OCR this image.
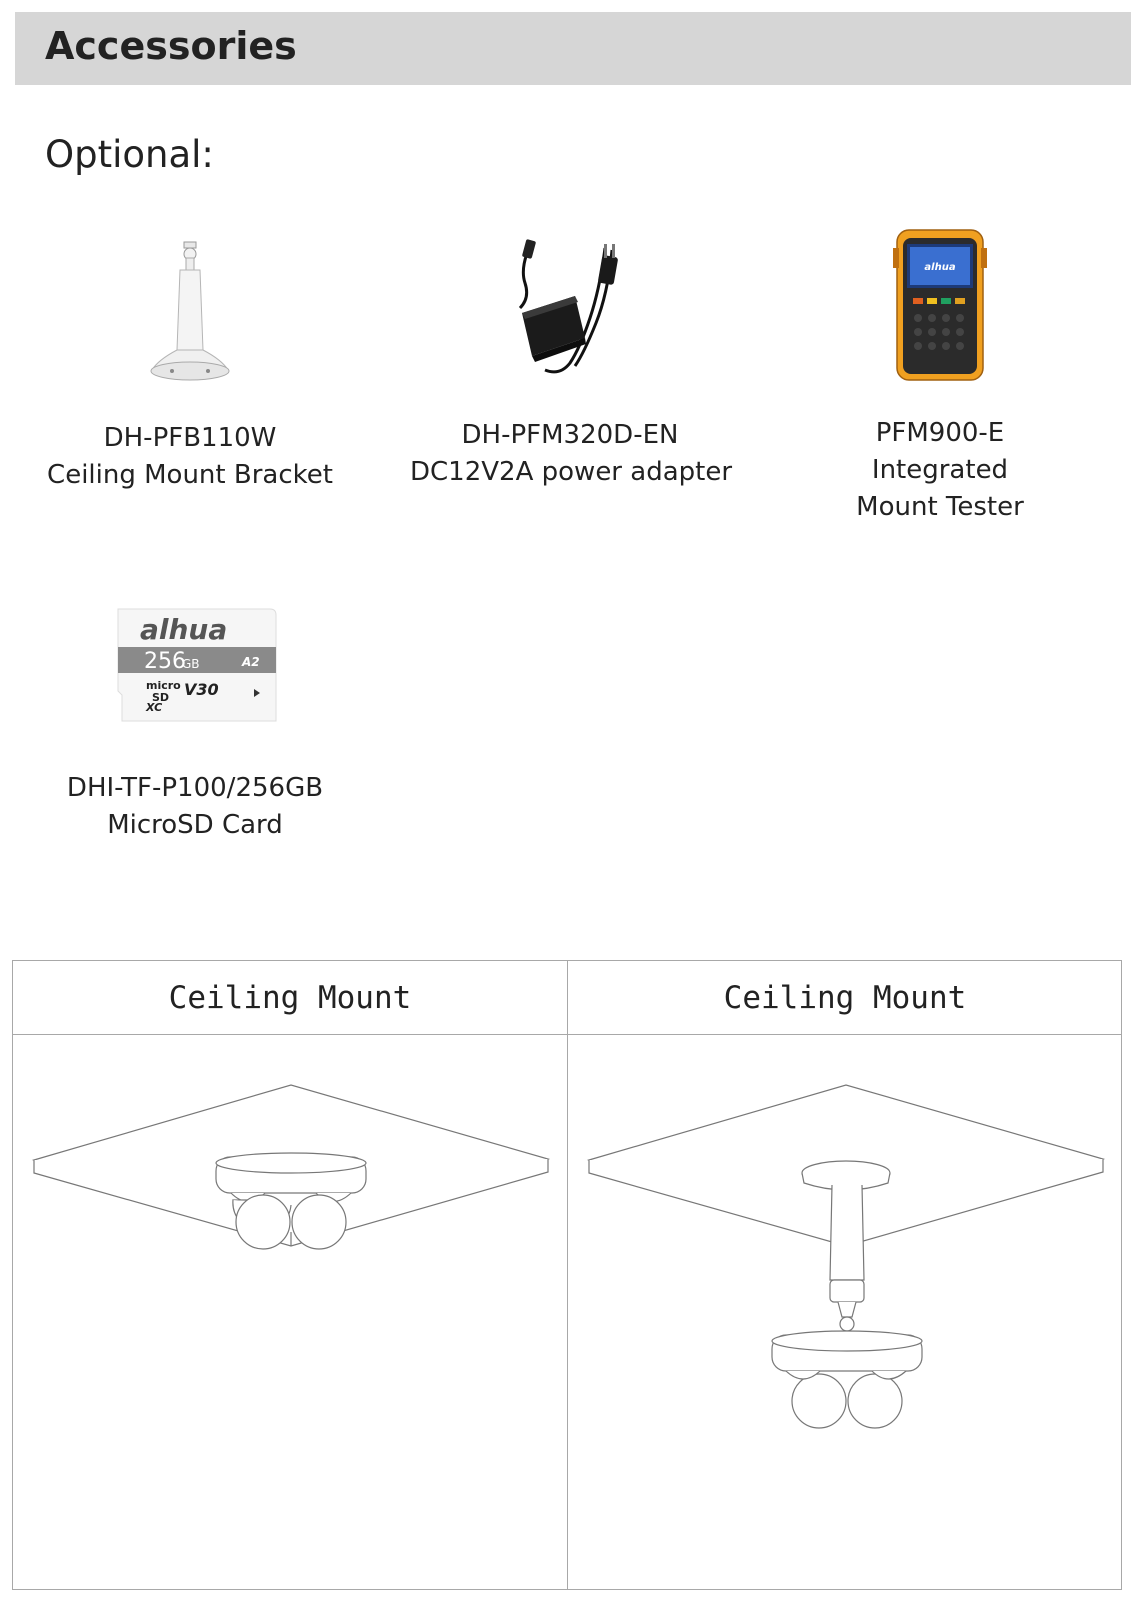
Accessories
Optional:
DH-PFB110W
Ceiling Mount Bracket
DH-PFM320D-EN
DC12V2A power adapter
alhua
PFM900-E
Integrated
Mount Tester
alhua
256
GB	A2
micro
SD
XC
V30
DHI-TF-P100/256GB
MicroSD Card
Ceiling Mount	Ceiling Mount
